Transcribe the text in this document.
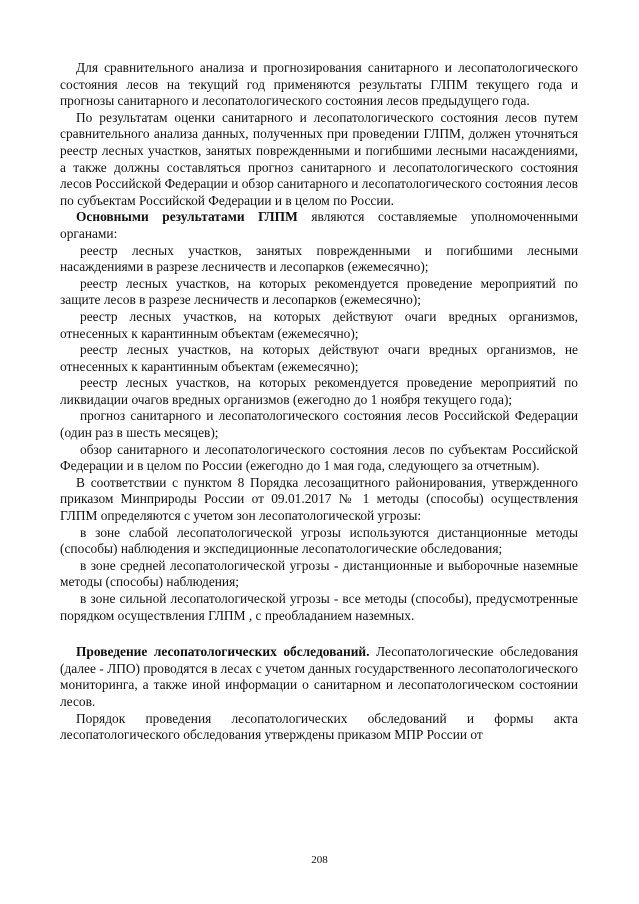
Для сравнительного анализа и прогнозирования санитарного и лесопатологического состояния лесов на текущий год применяются результаты ГЛПМ текущего года и прогнозы санитарного и лесопатологического состояния лесов предыдущего года.

По результатам оценки санитарного и лесопатологического состояния лесов путем сравнительного анализа данных, полученных при проведении ГЛПМ, должен уточняться реестр лесных участков, занятых поврежденными и погибшими лесными насаждениями, а также должны составляться прогноз санитарного и лесопатологического состояния лесов Российской Федерации и обзор санитарного и лесопатологического состояния лесов по субъектам Российской Федерации и в целом по России.

Основными результатами ГЛПМ являются составляемые уполномоченными органами:

реестр лесных участков, занятых поврежденными и погибшими лесными насаждениями в разрезе лесничеств и лесопарков (ежемесячно);

реестр лесных участков, на которых рекомендуется проведение мероприятий по защите лесов в разрезе лесничеств и лесопарков (ежемесячно);

реестр лесных участков, на которых действуют очаги вредных организмов, отнесенных к карантинным объектам (ежемесячно);

реестр лесных участков, на которых действуют очаги вредных организмов, не отнесенных к карантинным объектам (ежемесячно);

реестр лесных участков, на которых рекомендуется проведение мероприятий по ликвидации очагов вредных организмов (ежегодно до 1 ноября текущего года);

прогноз санитарного и лесопатологического состояния лесов Российской Федерации (один раз в шесть месяцев);

обзор санитарного и лесопатологического состояния лесов по субъектам Российской Федерации и в целом по России (ежегодно до 1 мая года, следующего за отчетным).

В соответствии с пунктом 8 Порядка лесозащитного районирования, утвержденного приказом Минприроды России от 09.01.2017 № 1 методы (способы) осуществления ГЛПМ определяются с учетом зон лесопатологической угрозы:

в зоне слабой лесопатологической угрозы используются дистанционные методы (способы) наблюдения и экспедиционные лесопатологические обследования;

в зоне средней лесопатологической угрозы - дистанционные и выборочные наземные методы (способы) наблюдения;

в зоне сильной лесопатологической угрозы - все методы (способы), предусмотренные порядком осуществления ГЛПМ , с преобладанием наземных.

Проведение лесопатологических обследований. Лесопатологические обследования (далее - ЛПО) проводятся в лесах с учетом данных государственного лесопатологического мониторинга, а также иной информации о санитарном и лесопатологическом состоянии лесов.

Порядок проведения лесопатологических обследований и формы акта лесопатологического обследования утверждены приказом МПР России от

208
